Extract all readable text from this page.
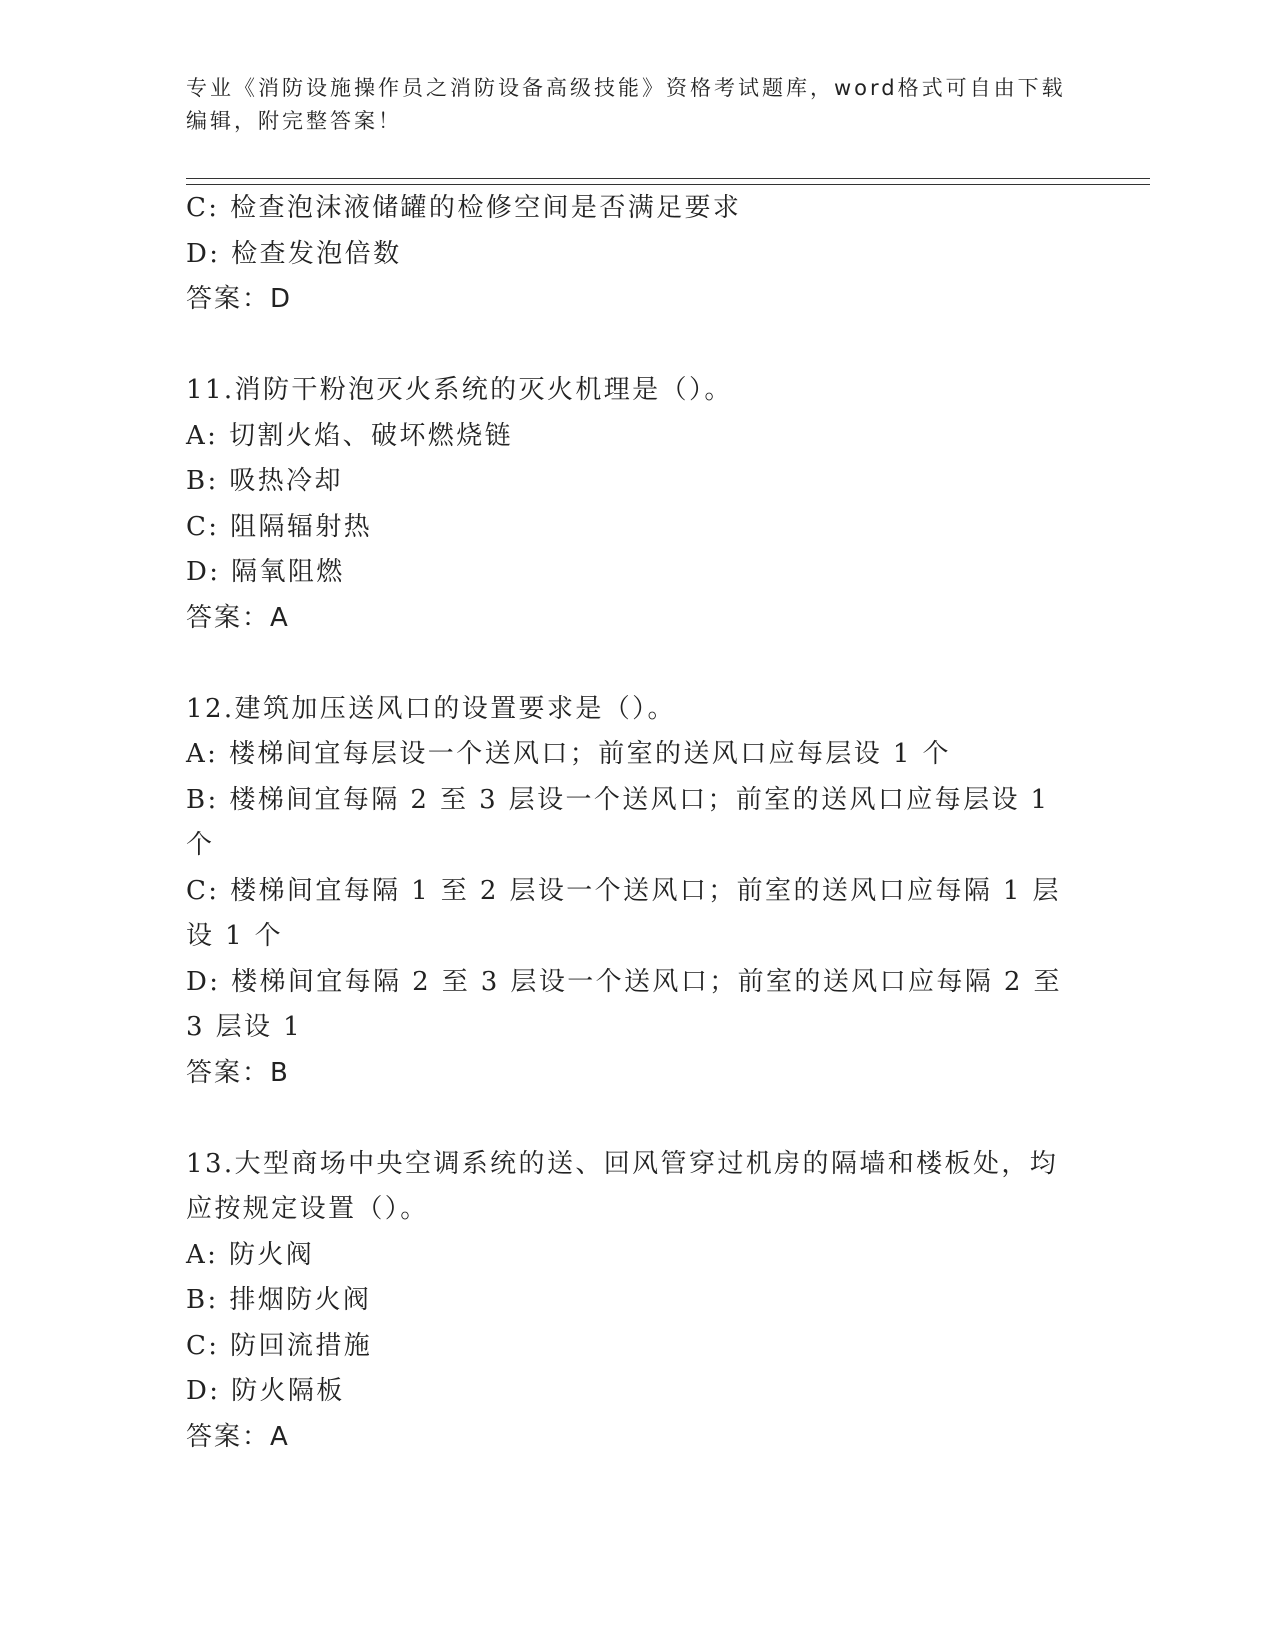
专业《消防设施操作员之消防设备高级技能》资格考试题库，word格式可自由下载编辑，附完整答案！
C: 检查泡沫液储罐的检修空间是否满足要求
D: 检查发泡倍数
答案：D
11.消防干粉泡灭火系统的灭火机理是（）。
A: 切割火焰、破坏燃烧链
B: 吸热冷却
C: 阻隔辐射热
D: 隔氧阻燃
答案：A
12.建筑加压送风口的设置要求是（）。
A: 楼梯间宜每层设一个送风口；前室的送风口应每层设 1 个
B: 楼梯间宜每隔 2 至 3 层设一个送风口；前室的送风口应每层设 1 个
C: 楼梯间宜每隔 1 至 2 层设一个送风口；前室的送风口应每隔 1 层设 1 个
D: 楼梯间宜每隔 2 至 3 层设一个送风口；前室的送风口应每隔 2 至 3 层设 1
答案：B
13.大型商场中央空调系统的送、回风管穿过机房的隔墙和楼板处，均应按规定设置（）。
A: 防火阀
B: 排烟防火阀
C: 防回流措施
D: 防火隔板
答案：A
